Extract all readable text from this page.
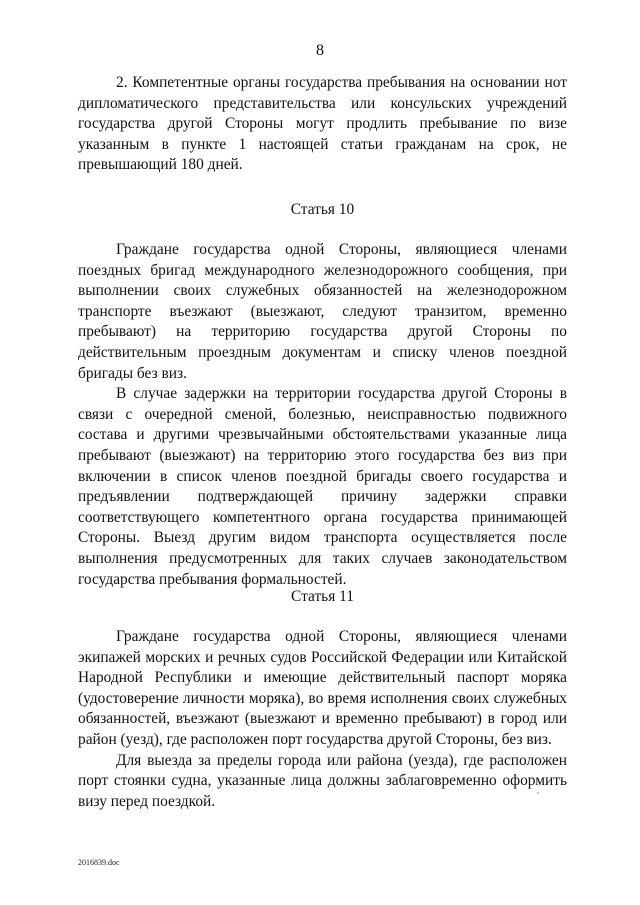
8

2. Компетентные органы государства пребывания на основании нот дипломатического представительства или консульских учреждений государства другой Стороны могут продлить пребывание по визе указанным в пункте 1 настоящей статьи гражданам на срок, не превышающий 180 дней.

Статья 10

Граждане государства одной Стороны, являющиеся членами поездных бригад международного железнодорожного сообщения, при выполнении своих служебных обязанностей на железнодорожном транспорте въезжают (выезжают, следуют транзитом, временно пребывают) на территорию государства другой Стороны по действительным проездным документам и списку членов поездной бригады без виз.

В случае задержки на территории государства другой Стороны в связи с очередной сменой, болезнью, неисправностью подвижного состава и другими чрезвычайными обстоятельствами указанные лица пребывают (выезжают) на территорию этого государства без виз при включении в список членов поездной бригады своего государства и предъявлении подтверждающей причину задержки справки соответствующего компетентного органа государства принимающей Стороны. Выезд другим видом транспорта осуществляется после выполнения предусмотренных для таких случаев законодательством государства пребывания формальностей.

Статья 11

Граждане государства одной Стороны, являющиеся членами экипажей морских и речных судов Российской Федерации или Китайской Народной Республики и имеющие действительный паспорт моряка (удостоверение личности моряка), во время исполнения своих служебных обязанностей, въезжают (выезжают и временно пребывают) в город или район (уезд), где расположен порт государства другой Стороны, без виз.

Для выезда за пределы города или района (уезда), где расположен порт стоянки судна, указанные лица должны заблаговременно оформить визу перед поездкой.

2016839.doc
